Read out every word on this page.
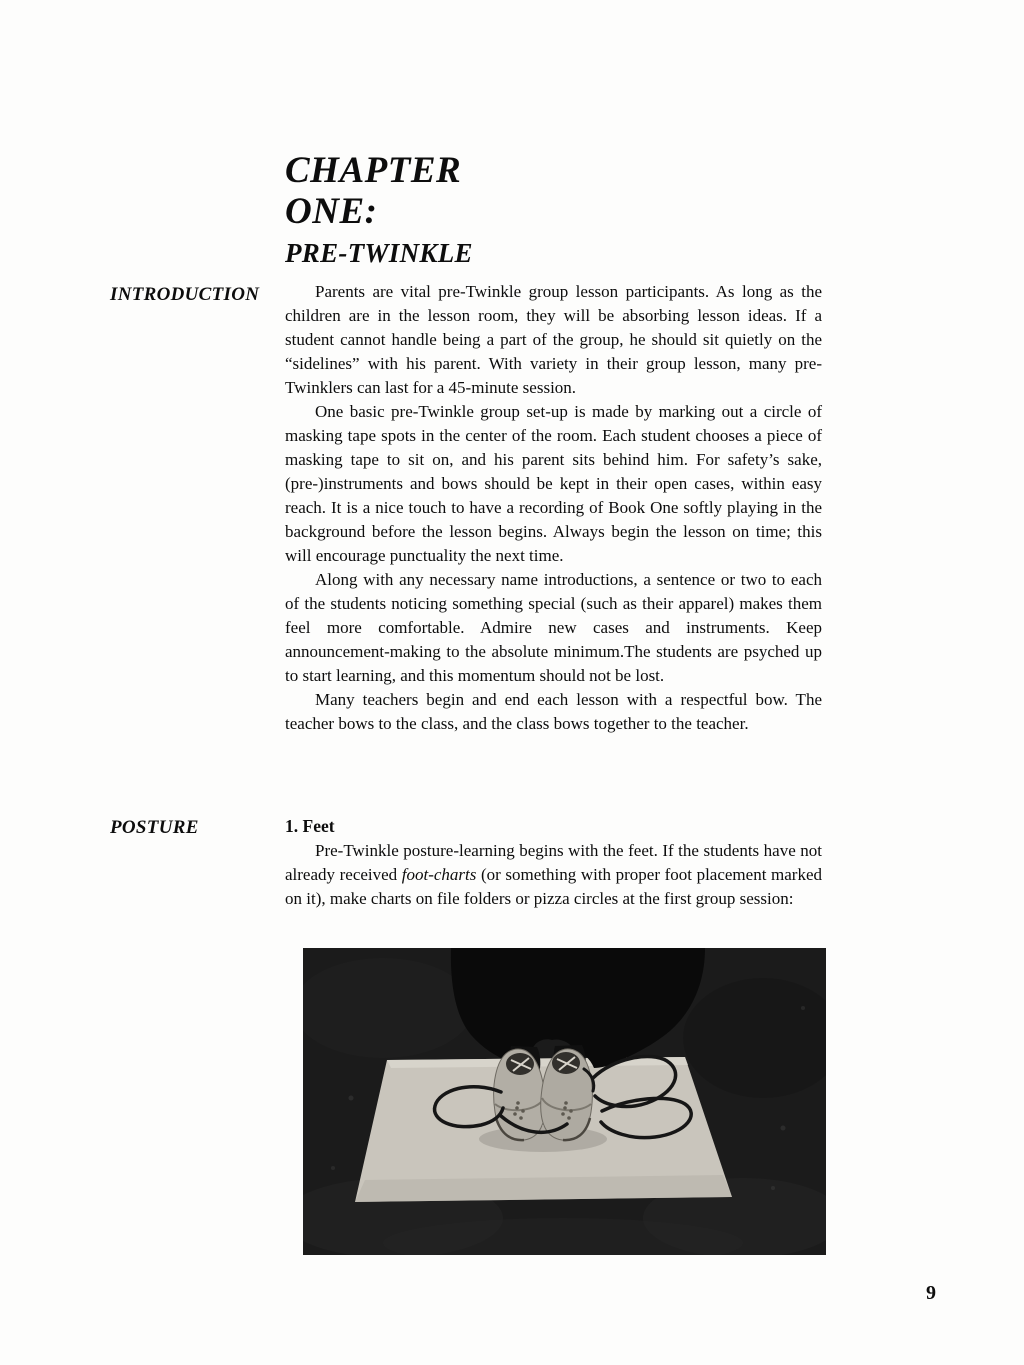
CHAPTER
ONE:
PRE-TWINKLE
INTRODUCTION	Parents are vital pre-Twinkle group lesson participants. As long as the children are in the lesson room, they will be absorbing lesson ideas. If a student cannot handle being a part of the group, he should sit quietly on the “sidelines” with his parent. With variety in their group lesson, many pre-Twinklers can last for a 45-minute session.

One basic pre-Twinkle group set-up is made by marking out a circle of masking tape spots in the center of the room. Each student chooses a piece of masking tape to sit on, and his parent sits behind him. For safety’s sake, (pre-)instruments and bows should be kept in their open cases, within easy reach. It is a nice touch to have a recording of Book One softly playing in the background before the lesson begins. Always begin the lesson on time; this will encourage punctuality the next time.

Along with any necessary name introductions, a sentence or two to each of the students noticing something special (such as their apparel) makes them feel more comfortable. Admire new cases and instruments. Keep announcement-making to the absolute minimum.The students are psyched up to start learning, and this momentum should not be lost.

Many teachers begin and end each lesson with a respectful bow. The teacher bows to the class, and the class bows together to the teacher.

POSTURE	1. Feet

Pre-Twinkle posture-learning begins with the feet. If the students have not already received foot-charts (or something with proper foot placement marked on it), make charts on file folders or pizza circles at the first group session:

9
